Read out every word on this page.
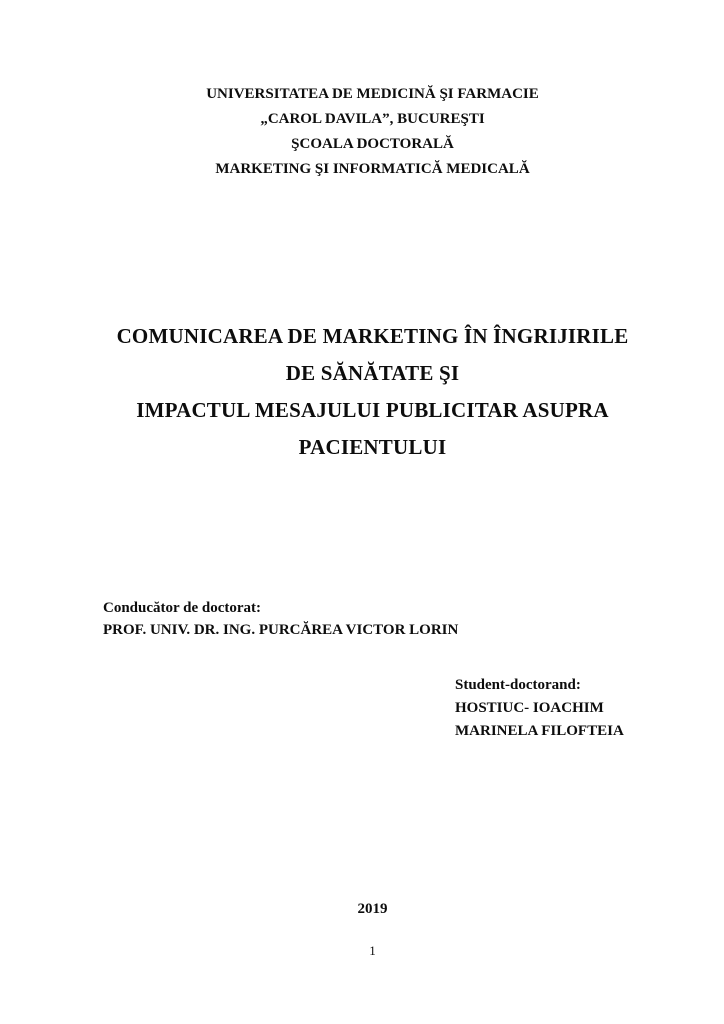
UNIVERSITATEA DE MEDICINĂ ŞI FARMACIE
„CAROL DAVILA”, BUCUREŞTI
ŞCOALA DOCTORALĂ
MARKETING ŞI INFORMATICĂ MEDICALĂ
COMUNICAREA DE MARKETING ÎN ÎNGRIJIRILE
DE SĂNĂTATE ŞI
IMPACTUL MESAJULUI PUBLICITAR ASUPRA
PACIENTULUI
Conducător de doctorat:
PROF. UNIV. DR. ING. PURCĂREA VICTOR LORIN
Student-doctorand:
HOSTIUC- IOACHIM
MARINELA FILOFTEIA
2019
1
